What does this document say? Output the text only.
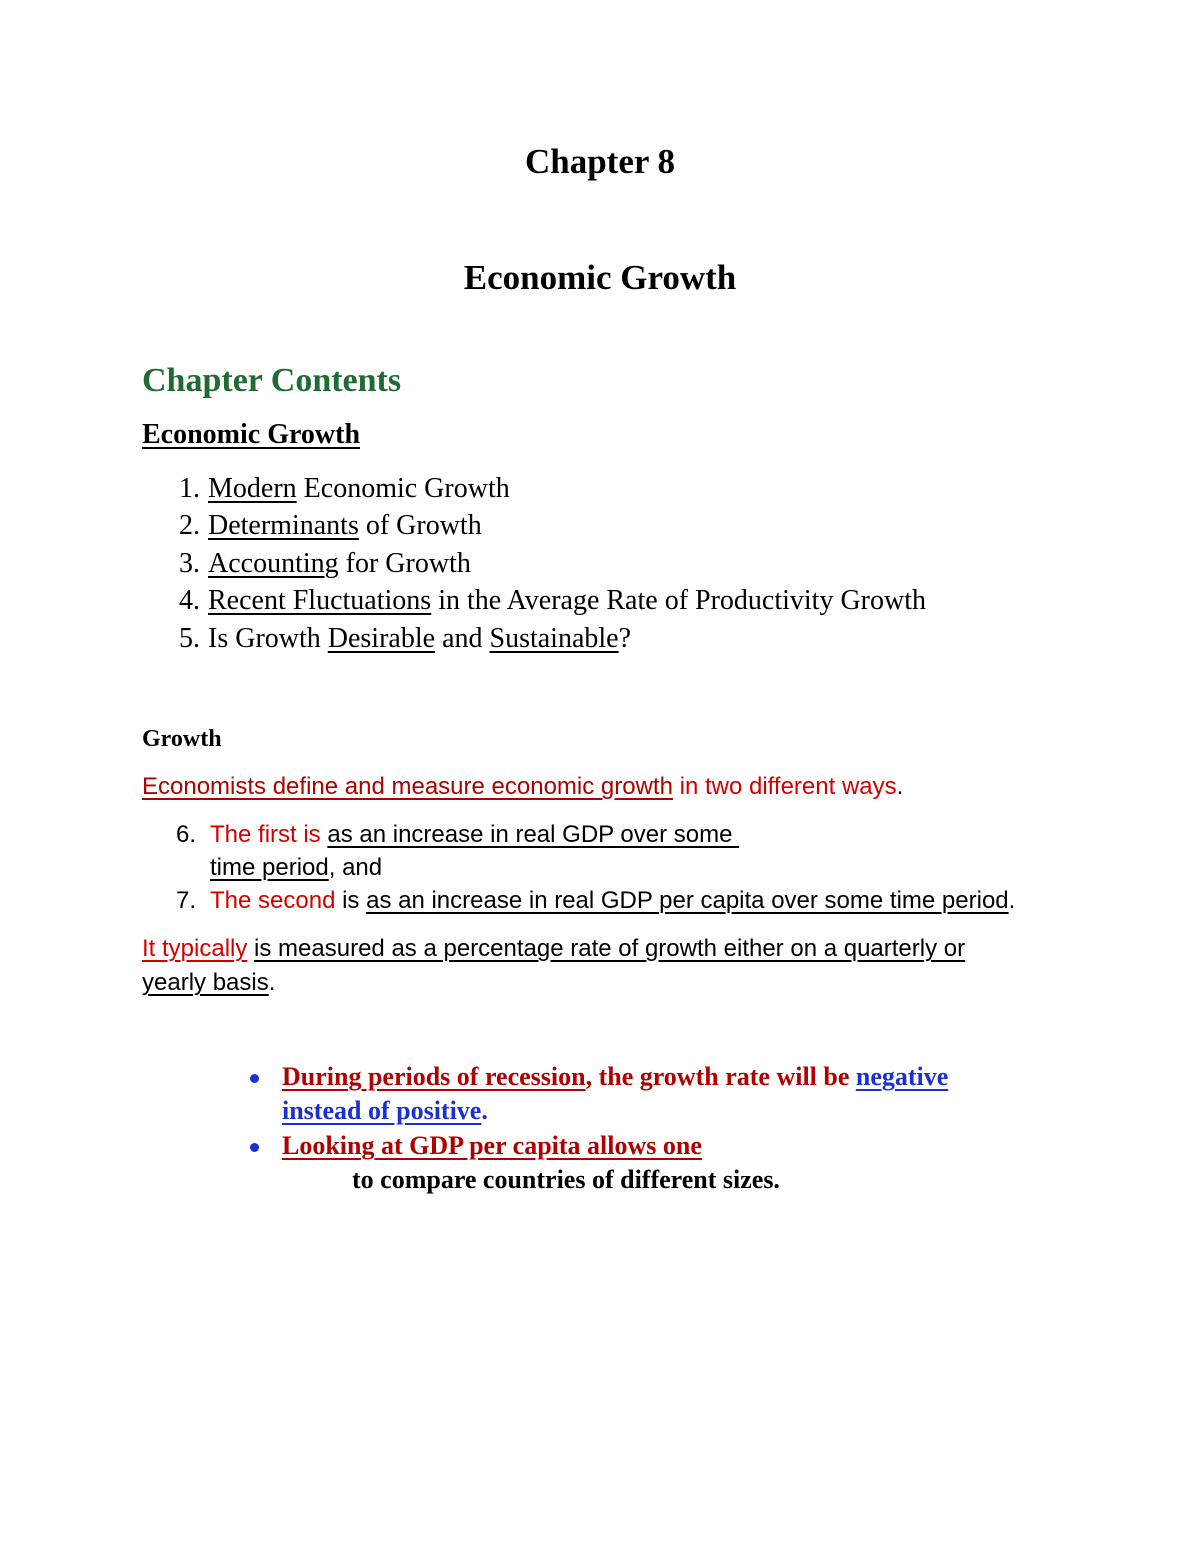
Chapter 8
Economic Growth
Chapter Contents
Economic Growth
1. Modern Economic Growth
2. Determinants of Growth
3. Accounting for Growth
4. Recent Fluctuations in the Average Rate of Productivity Growth
5. Is Growth Desirable and Sustainable?
Growth
Economists define and measure economic growth in two different ways.
6. The first is as an increase in real GDP over some
time period, and
7. The second is as an increase in real GDP per capita over some time period.
It typically is measured as a percentage rate of growth either on a quarterly or
yearly basis.
During periods of recession, the growth rate will be negative
instead of positive.
Looking at GDP per capita allows one
to compare countries of different sizes.
